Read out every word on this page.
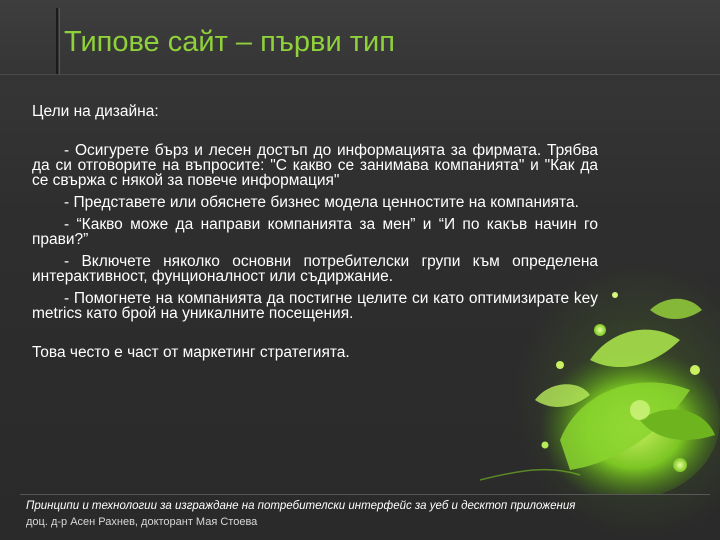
Типове сайт – първи тип
Цели на дизайна:
- Осигурете бърз и лесен достъп до информацията за фирмата. Трябва да си отговорите на въпросите: "С какво се занимава компанията" и "Как да се свържа с някой за повече информация"
- Представете или обяснете бизнес модела ценностите на компанията.
- “Какво може да направи компанията за мен” и “И по какъв начин го прави?”
- Включете няколко основни потребителски групи към определена интерактивност, фунционалност или съдиржание.
- Помогнете на компанията да постигне целите си като оптимизирате key metrics като брой на уникалните посещения.
Това често е част от маркетинг стратегията.
Принципи и технологии за изграждане на потребителски интерфейс за уеб и десктоп приложения
доц. д-р Асен Рахнев, докторант Мая Стоева
